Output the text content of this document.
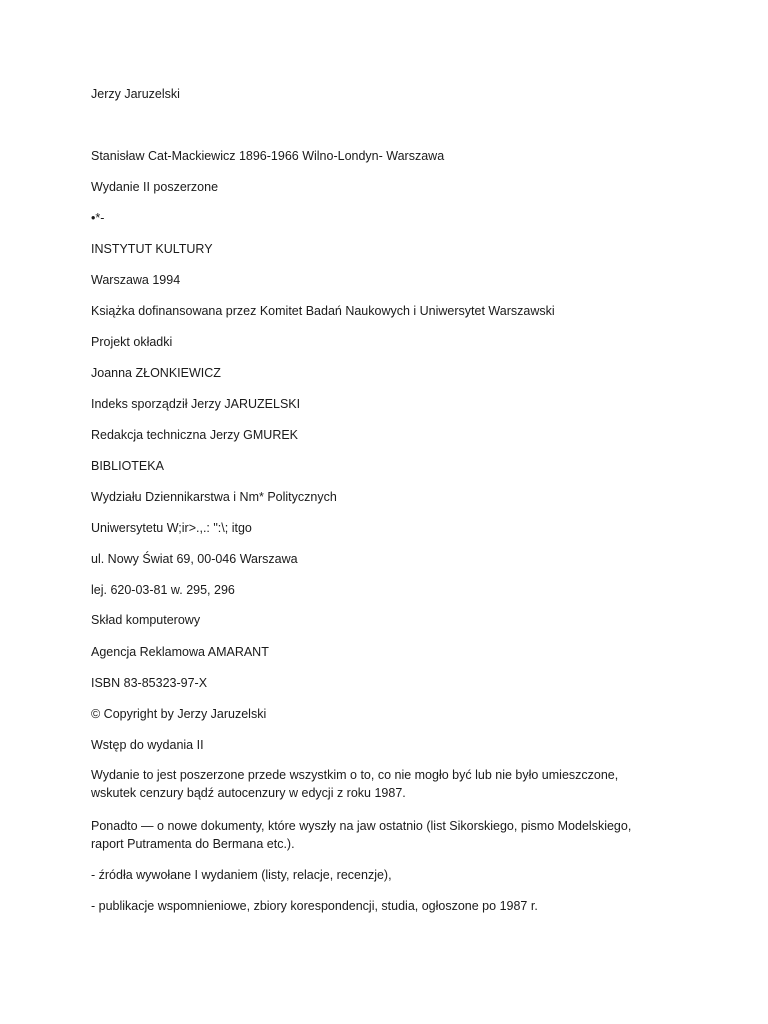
Jerzy Jaruzelski
Stanisław Cat-Mackiewicz 1896-1966 Wilno-Londyn- Warszawa
Wydanie II poszerzone
•*-
INSTYTUT KULTURY
Warszawa 1994
Książka dofinansowana przez Komitet Badań Naukowych i Uniwersytet Warszawski
Projekt okładki
Joanna ZŁONKIEWICZ
Indeks sporządził Jerzy JARUZELSKI
Redakcja techniczna Jerzy GMUREK
BIBLIOTEKA
Wydziału Dziennikarstwa i Nm* Politycznych
Uniwersytetu W;ir>.,.: ":\; itgo
ul. Nowy Świat 69, 00-046 Warszawa
lej. 620-03-81 w. 295, 296
Skład komputerowy
Agencja Reklamowa AMARANT
ISBN 83-85323-97-X
© Copyright by Jerzy Jaruzelski
Wstęp do wydania II
Wydanie to jest poszerzone przede wszystkim o to, co nie mogło być lub nie było umieszczone,
wskutek cenzury bądź autocenzury w edycji z roku 1987.
Ponadto — o nowe dokumenty, które wyszły na jaw ostatnio (list Sikorskiego, pismo Modelskiego,
raport Putramenta do Bermana etc.).
- źródła wywołane I wydaniem (listy, relacje, recenzje),
- publikacje wspomnieniowe, zbiory korespondencji, studia, ogłoszone po 1987 r.
